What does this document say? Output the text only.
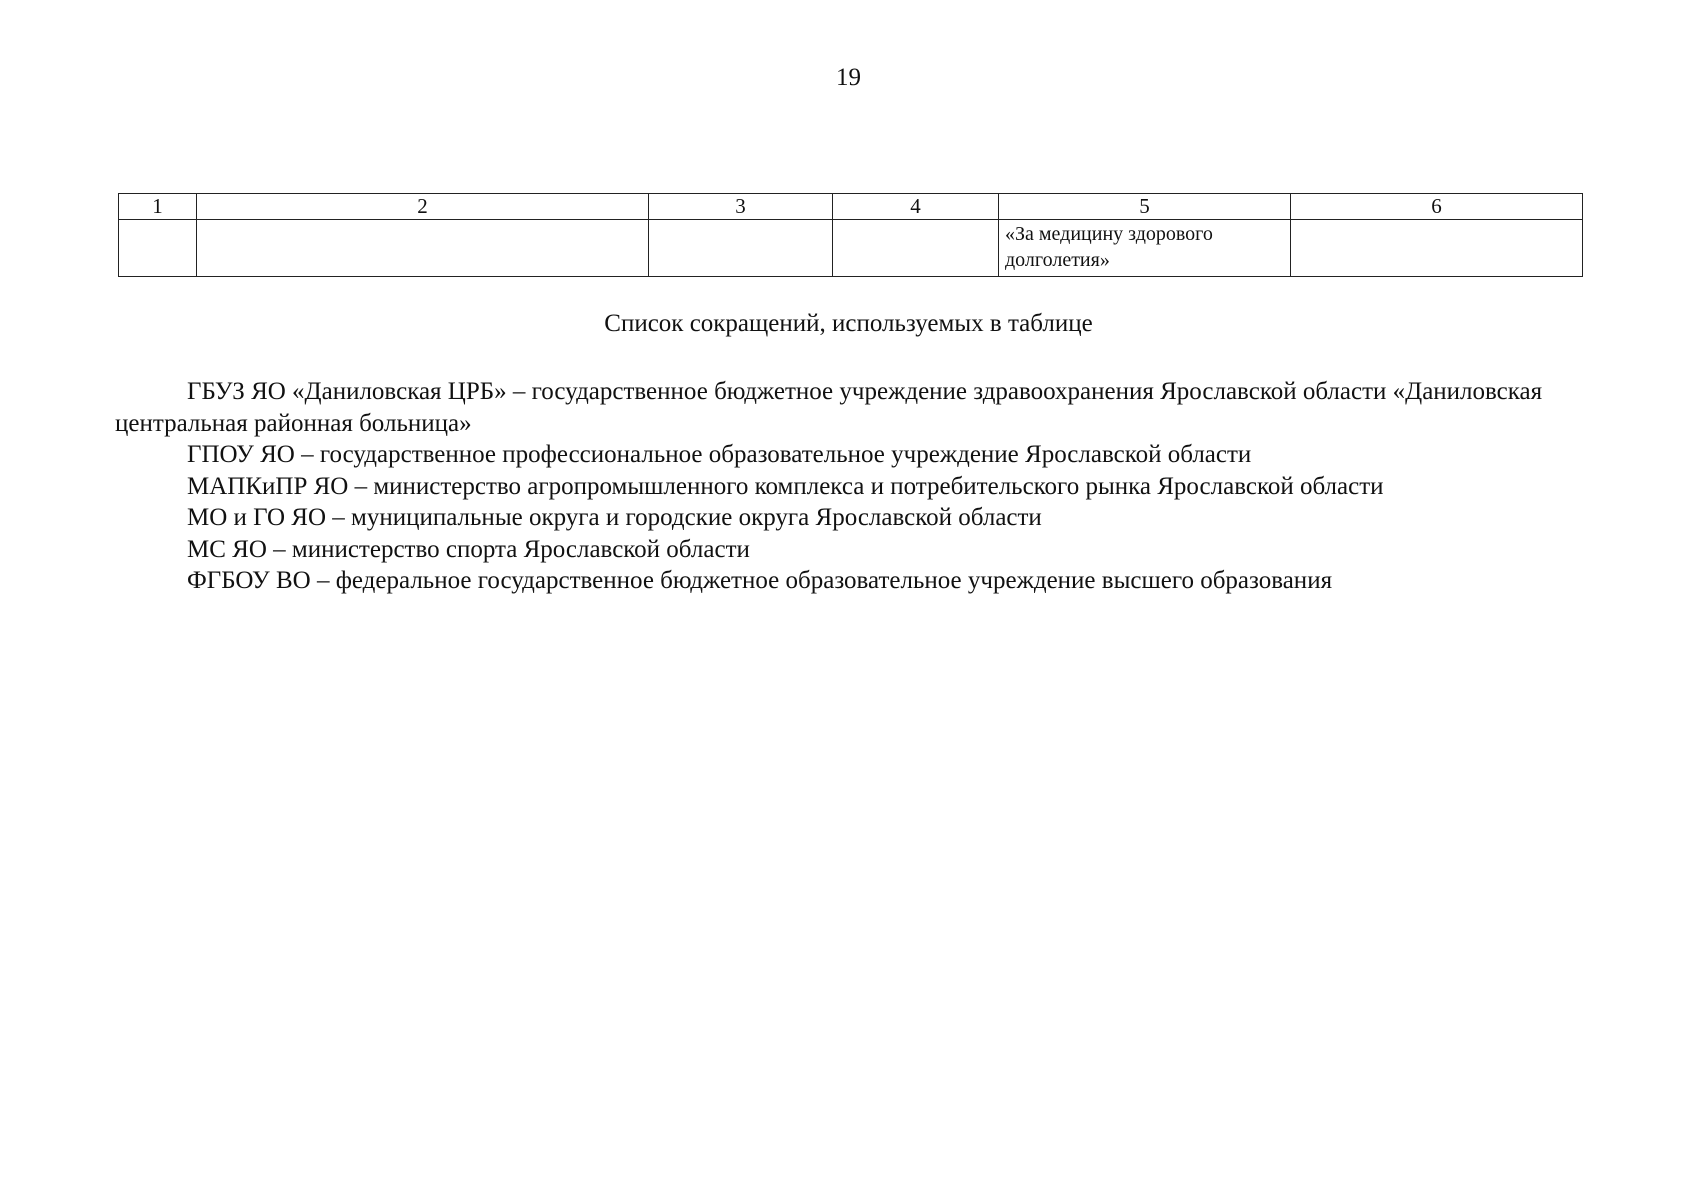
19
1	2	3	4	5	6
				«За медицину здорового долголетия»	
Список сокращений, используемых в таблице

ГБУЗ ЯО «Даниловская ЦРБ» – государственное бюджетное учреждение здравоохранения Ярославской области «Даниловская центральная районная больница»

ГПОУ ЯО – государственное профессиональное образовательное учреждение Ярославской области

МАПКиПР ЯО – министерство агропромышленного комплекса и потребительского рынка Ярославской области

МО и ГО ЯО – муниципальные округа и городские округа Ярославской области

МС ЯО – министерство спорта Ярославской области

ФГБОУ ВО – федеральное государственное бюджетное образовательное учреждение высшего образования
